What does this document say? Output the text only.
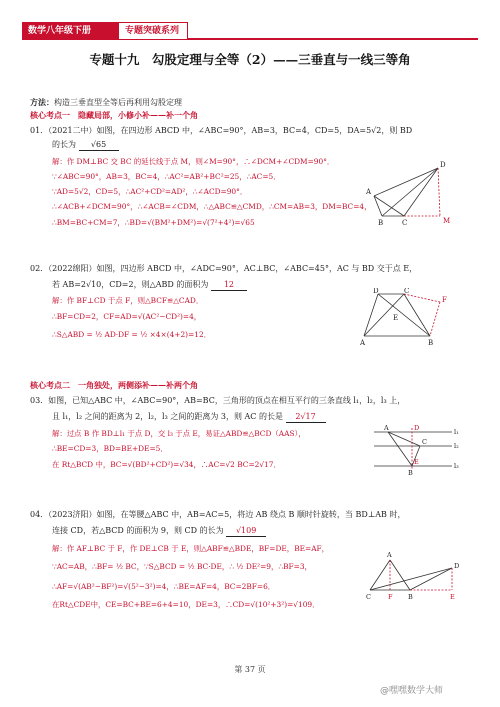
数学八年级下册	专题突破系列
专题十九　勾股定理与全等（2）——三垂直与一线三等角
方法：构造三垂直型全等后再利用勾股定理
核心考点一　隐藏局部，小修小补——补一个角
01．（2021二中）如图，在四边形 ABCD 中，∠ABC=90°，AB=3，BC=4，CD=5，DA=5√2，则 BD
的长为 √65
解：作 DM⊥BC 交 BC 的延长线于点 M，则∠M=90°，∴∠DCM+∠CDM=90°．
∵∠ABC=90°，AB=3，BC=4，∴AC²=AB²+BC²=25，∴AC=5．
∵AD=5√2，CD=5，∴AC²+CD²=AD²，∴∠ACD=90°．
∴∠ACB+∠DCM=90°，∴∠ACB=∠CDM，∴△ABC≌△CMD，∴CM=AB=3，DM=BC=4，
∴BM=BC+CM=7，∴BD=√(BM²+DM²)=√(7²+4²)=√65
A
B	C
D
M
02．（2022绵阳）如图，四边形 ABCD 中，∠ADC=90°，AC⊥BC，∠ABC=45°，AC 与 BD 交于点 E，
若 AB=2√10，CD=2，则△ABD 的面积为 12
解：作 BF⊥CD 于点 F，则△BCF≌△CAD．
∴BF=CD=2，CF=AD=√(AC²−CD²)=4，
∴S△ABD = ½ AD·DF = ½ ×4×(4+2)=12．
D	C
A	B
E
F
核心考点二　一角独处，两侧添补——补两个角
03．如图，已知△ABC 中，∠ABC=90°，AB=BC，三角形的顶点在相互平行的三条直线 l₁，l₂，l₃ 上，
且 l₁，l₂ 之间的距离为 2，l₂，l₃ 之间的距离为 3，则 AC 的长是 2√17
解：过点 B 作 BD⊥l₁ 于点 D，交 l₃ 于点 E，易证△ABD≌△BCD（AAS），
∴BE=CD=3，BD=BE+DE=5．
在 Rt△BCD 中，BC=√(BD²+CD²)=√34，∴AC=√2 BC=2√17．
l₁
l₂
l₃
A
C
B
D
E
04．（2023济阳）如图，在等腰△ABC 中，AB=AC=5，将边 AB 绕点 B 顺时针旋转，当 BD⊥AB 时，
连接 CD，若△BCD 的面积为 9，则 CD 的长为 √109
解：作 AF⊥BC 于 F，作 DE⊥CB 于 E，则△ABF≌△BDE，BF=DE，BE=AF，
∵AC=AB，∴BF= ½ BC，∵S△BCD = ½ BC·DE，∴ ½ DE²=9，∴BF=3，
∴AF=√(AB²−BF²)=√(5²−3²)=4，∴BE=AF=4，BC=2BF=6．
在Rt△CDE中，CE=BC+BE=6+4=10，DE=3，∴CD=√(10²+3²)=√109．
A
C	F B	E
D
第 37 页
@嘿嘿数学大师
